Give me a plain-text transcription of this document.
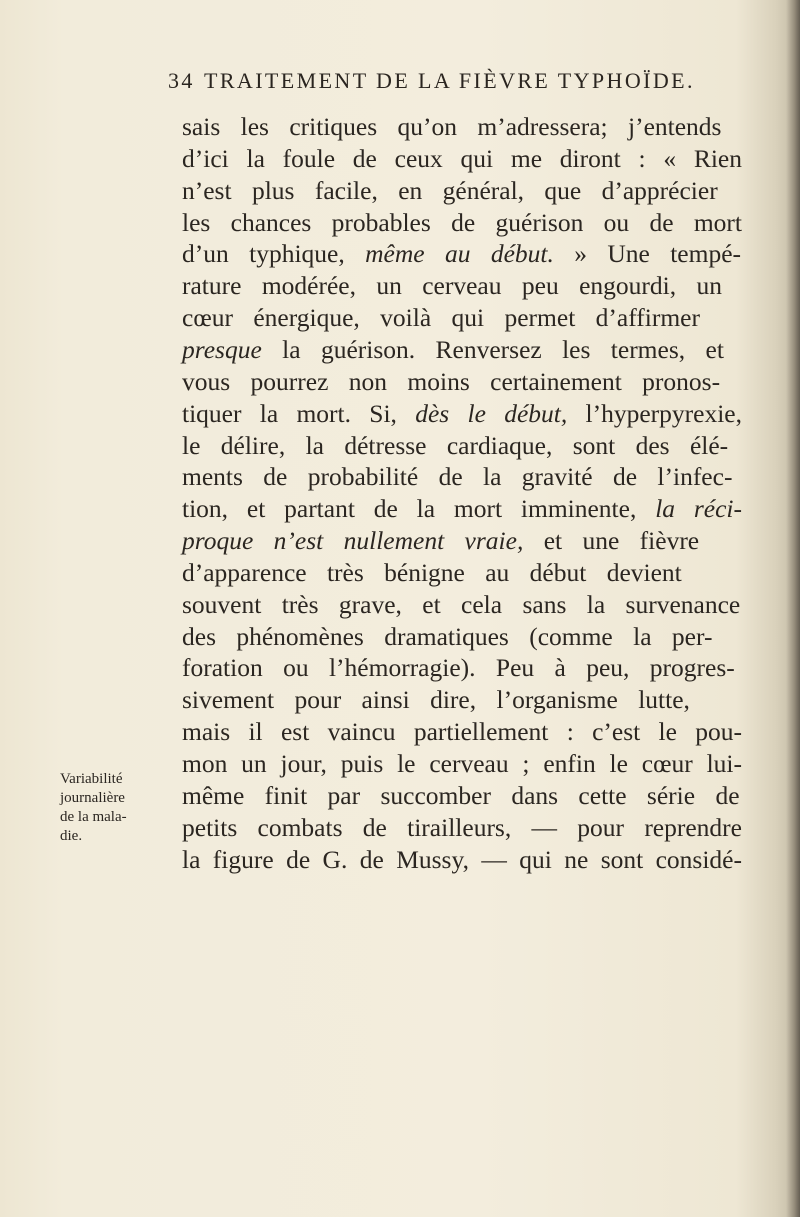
34 TRAITEMENT DE LA FIÈVRE TYPHOÏDE.
Variabilité
journalière
de la mala-
die.
sais les critiques qu’on m’adressera; j’entends
d’ici la foule de ceux qui me diront : « Rien
n’est plus facile, en général, que d’apprécier
les chances probables de guérison ou de mort
d’un typhique, même au début. » Une tempé-
rature modérée, un cerveau peu engourdi, un
cœur énergique, voilà qui permet d’affirmer
presque la guérison. Renversez les termes, et
vous pourrez non moins certainement pronos-
tiquer la mort. Si, dès le début, l’hyperpyrexie,
le délire, la détresse cardiaque, sont des élé-
ments de probabilité de la gravité de l’infec-
tion, et partant de la mort imminente, la réci-
proque n’est nullement vraie, et une fièvre
d’apparence très bénigne au début devient
souvent très grave, et cela sans la survenance
des phénomènes dramatiques (comme la per-
foration ou l’hémorragie). Peu à peu, progres-
sivement pour ainsi dire, l’organisme lutte,
mais il est vaincu partiellement : c’est le pou-
mon un jour, puis le cerveau ; enfin le cœur lui-
même finit par succomber dans cette série de
petits combats de tirailleurs, — pour reprendre
la figure de G. de Mussy, — qui ne sont considé-
